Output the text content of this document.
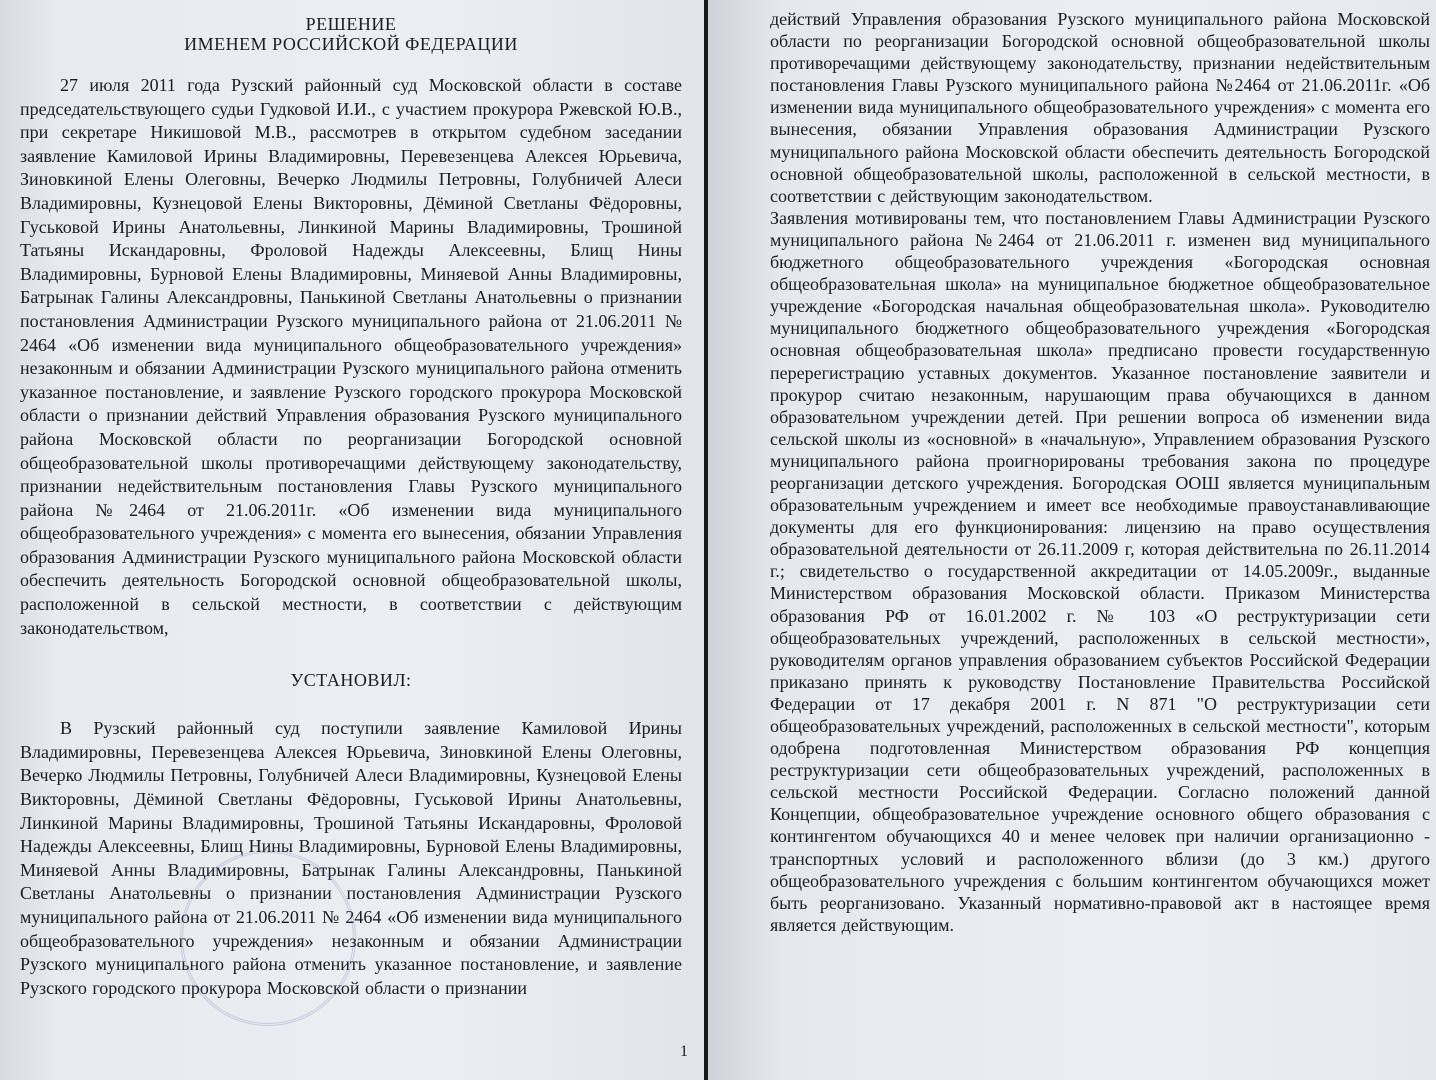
РЕШЕНИЕ

ИМЕНЕМ РОССИЙСКОЙ ФЕДЕРАЦИИ

27 июля 2011 года Рузский районный суд Московской области в составе председательствующего судьи Гудковой И.И., с участием прокурора Ржевской Ю.В., при секретаре Никишовой М.В., рассмотрев в открытом судебном заседании заявление Камиловой Ирины Владимировны, Перевезенцева Алексея Юрьевича, Зиновкиной Елены Олеговны, Вечерко Людмилы Петровны, Голубничей Алеси Владимировны, Кузнецовой Елены Викторовны, Дёминой Светланы Фёдоровны, Гуськовой Ирины Анатольевны, Линкиной Марины Владимировны, Трошиной Татьяны Искандаровны, Фроловой Надежды Алексеевны, Блищ Нины Владимировны, Бурновой Елены Владимировны, Миняевой Анны Владимировны, Батрынак Галины Александровны, Панькиной Светланы Анатольевны о признании постановления Администрации Рузского муниципального района от 21.06.2011 № 2464 «Об изменении вида муниципального общеобразовательного учреждения» незаконным и обязании Администрации Рузского муниципального района отменить указанное постановление, и заявление Рузского городского прокурора Московской области о признании действий Управления образования Рузского муниципального района Московской области по реорганизации Богородской основной общеобразовательной школы противоречащими действующему законодательству, признании недействительным постановления Главы Рузского муниципального района №2464 от 21.06.2011г. «Об изменении вида муниципального общеобразовательного учреждения» с момента его вынесения, обязании Управления образования Администрации Рузского муниципального района Московской области обеспечить деятельность Богородской основной общеобразовательной школы, расположенной в сельской местности, в соответствии с действующим законодательством,

УСТАНОВИЛ:

В Рузский районный суд поступили заявление Камиловой Ирины Владимировны, Перевезенцева Алексея Юрьевича, Зиновкиной Елены Олеговны, Вечерко Людмилы Петровны, Голубничей Алеси Владимировны, Кузнецовой Елены Викторовны, Дёминой Светланы Фёдоровны, Гуськовой Ирины Анатольевны, Линкиной Марины Владимировны, Трошиной Татьяны Искандаровны, Фроловой Надежды Алексеевны, Блищ Нины Владимировны, Бурновой Елены Владимировны, Миняевой Анны Владимировны, Батрынак Галины Александровны, Панькиной Светланы Анатольевны о признании постановления Администрации Рузского муниципального района от 21.06.2011 № 2464 «Об изменении вида муниципального общеобразовательного учреждения» незаконным и обязании Администрации Рузского муниципального района отменить указанное постановление, и заявление Рузского городского прокурора Московской области о признании

1

действий Управления образования Рузского муниципального района Московской области по реорганизации Богородской основной общеобразовательной школы противоречащими действующему законодательству, признании недействительным постановления Главы Рузского муниципального района №2464 от 21.06.2011г. «Об изменении вида муниципального общеобразовательного учреждения» с момента его вынесения, обязании Управления образования Администрации Рузского муниципального района Московской области обеспечить деятельность Богородской основной общеобразовательной школы, расположенной в сельской местности, в соответствии с действующим законодательством.

Заявления мотивированы тем, что постановлением Главы Администрации Рузского муниципального района №2464 от 21.06.2011 г. изменен вид муниципального бюджетного общеобразовательного учреждения «Богородская основная общеобразовательная школа» на муниципальное бюджетное общеобразовательное учреждение «Богородская начальная общеобразовательная школа». Руководителю муниципального бюджетного общеобразовательного учреждения «Богородская основная общеобразовательная школа» предписано провести государственную перерегистрацию уставных документов. Указанное постановление заявители и прокурор считаю незаконным, нарушающим права обучающихся в данном образовательном учреждении детей. При решении вопроса об изменении вида сельской школы из «основной» в «начальную», Управлением образования Рузского муниципального района проигнорированы требования закона по процедуре реорганизации детского учреждения. Богородская ООШ является муниципальным образовательным учреждением и имеет все необходимые правоустанавливающие документы для его функционирования: лицензию на право осуществления образовательной деятельности от 26.11.2009 г, которая действительна по 26.11.2014 г.; свидетельство о государственной аккредитации от 14.05.2009г., выданные Министерством образования Московской области. Приказом Министерства образования РФ от 16.01.2002 г. № 103 «О реструктуризации сети общеобразовательных учреждений, расположенных в сельской местности», руководителям органов управления образованием субъектов Российской Федерации приказано принять к руководству Постановление Правительства Российской Федерации от 17 декабря 2001 г. N 871 "О реструктуризации сети общеобразовательных учреждений, расположенных в сельской местности", которым одобрена подготовленная Министерством образования РФ концепция реструктуризации сети общеобразовательных учреждений, расположенных в сельской местности Российской Федерации. Согласно положений данной Концепции, общеобразовательное учреждение основного общего образования с контингентом обучающихся 40 и менее человек при наличии организационно - транспортных условий и расположенного вблизи (до 3 км.) другого общеобразовательного учреждения с большим контингентом обучающихся может быть реорганизовано. Указанный нормативно-правовой акт в настоящее время является действующим.
